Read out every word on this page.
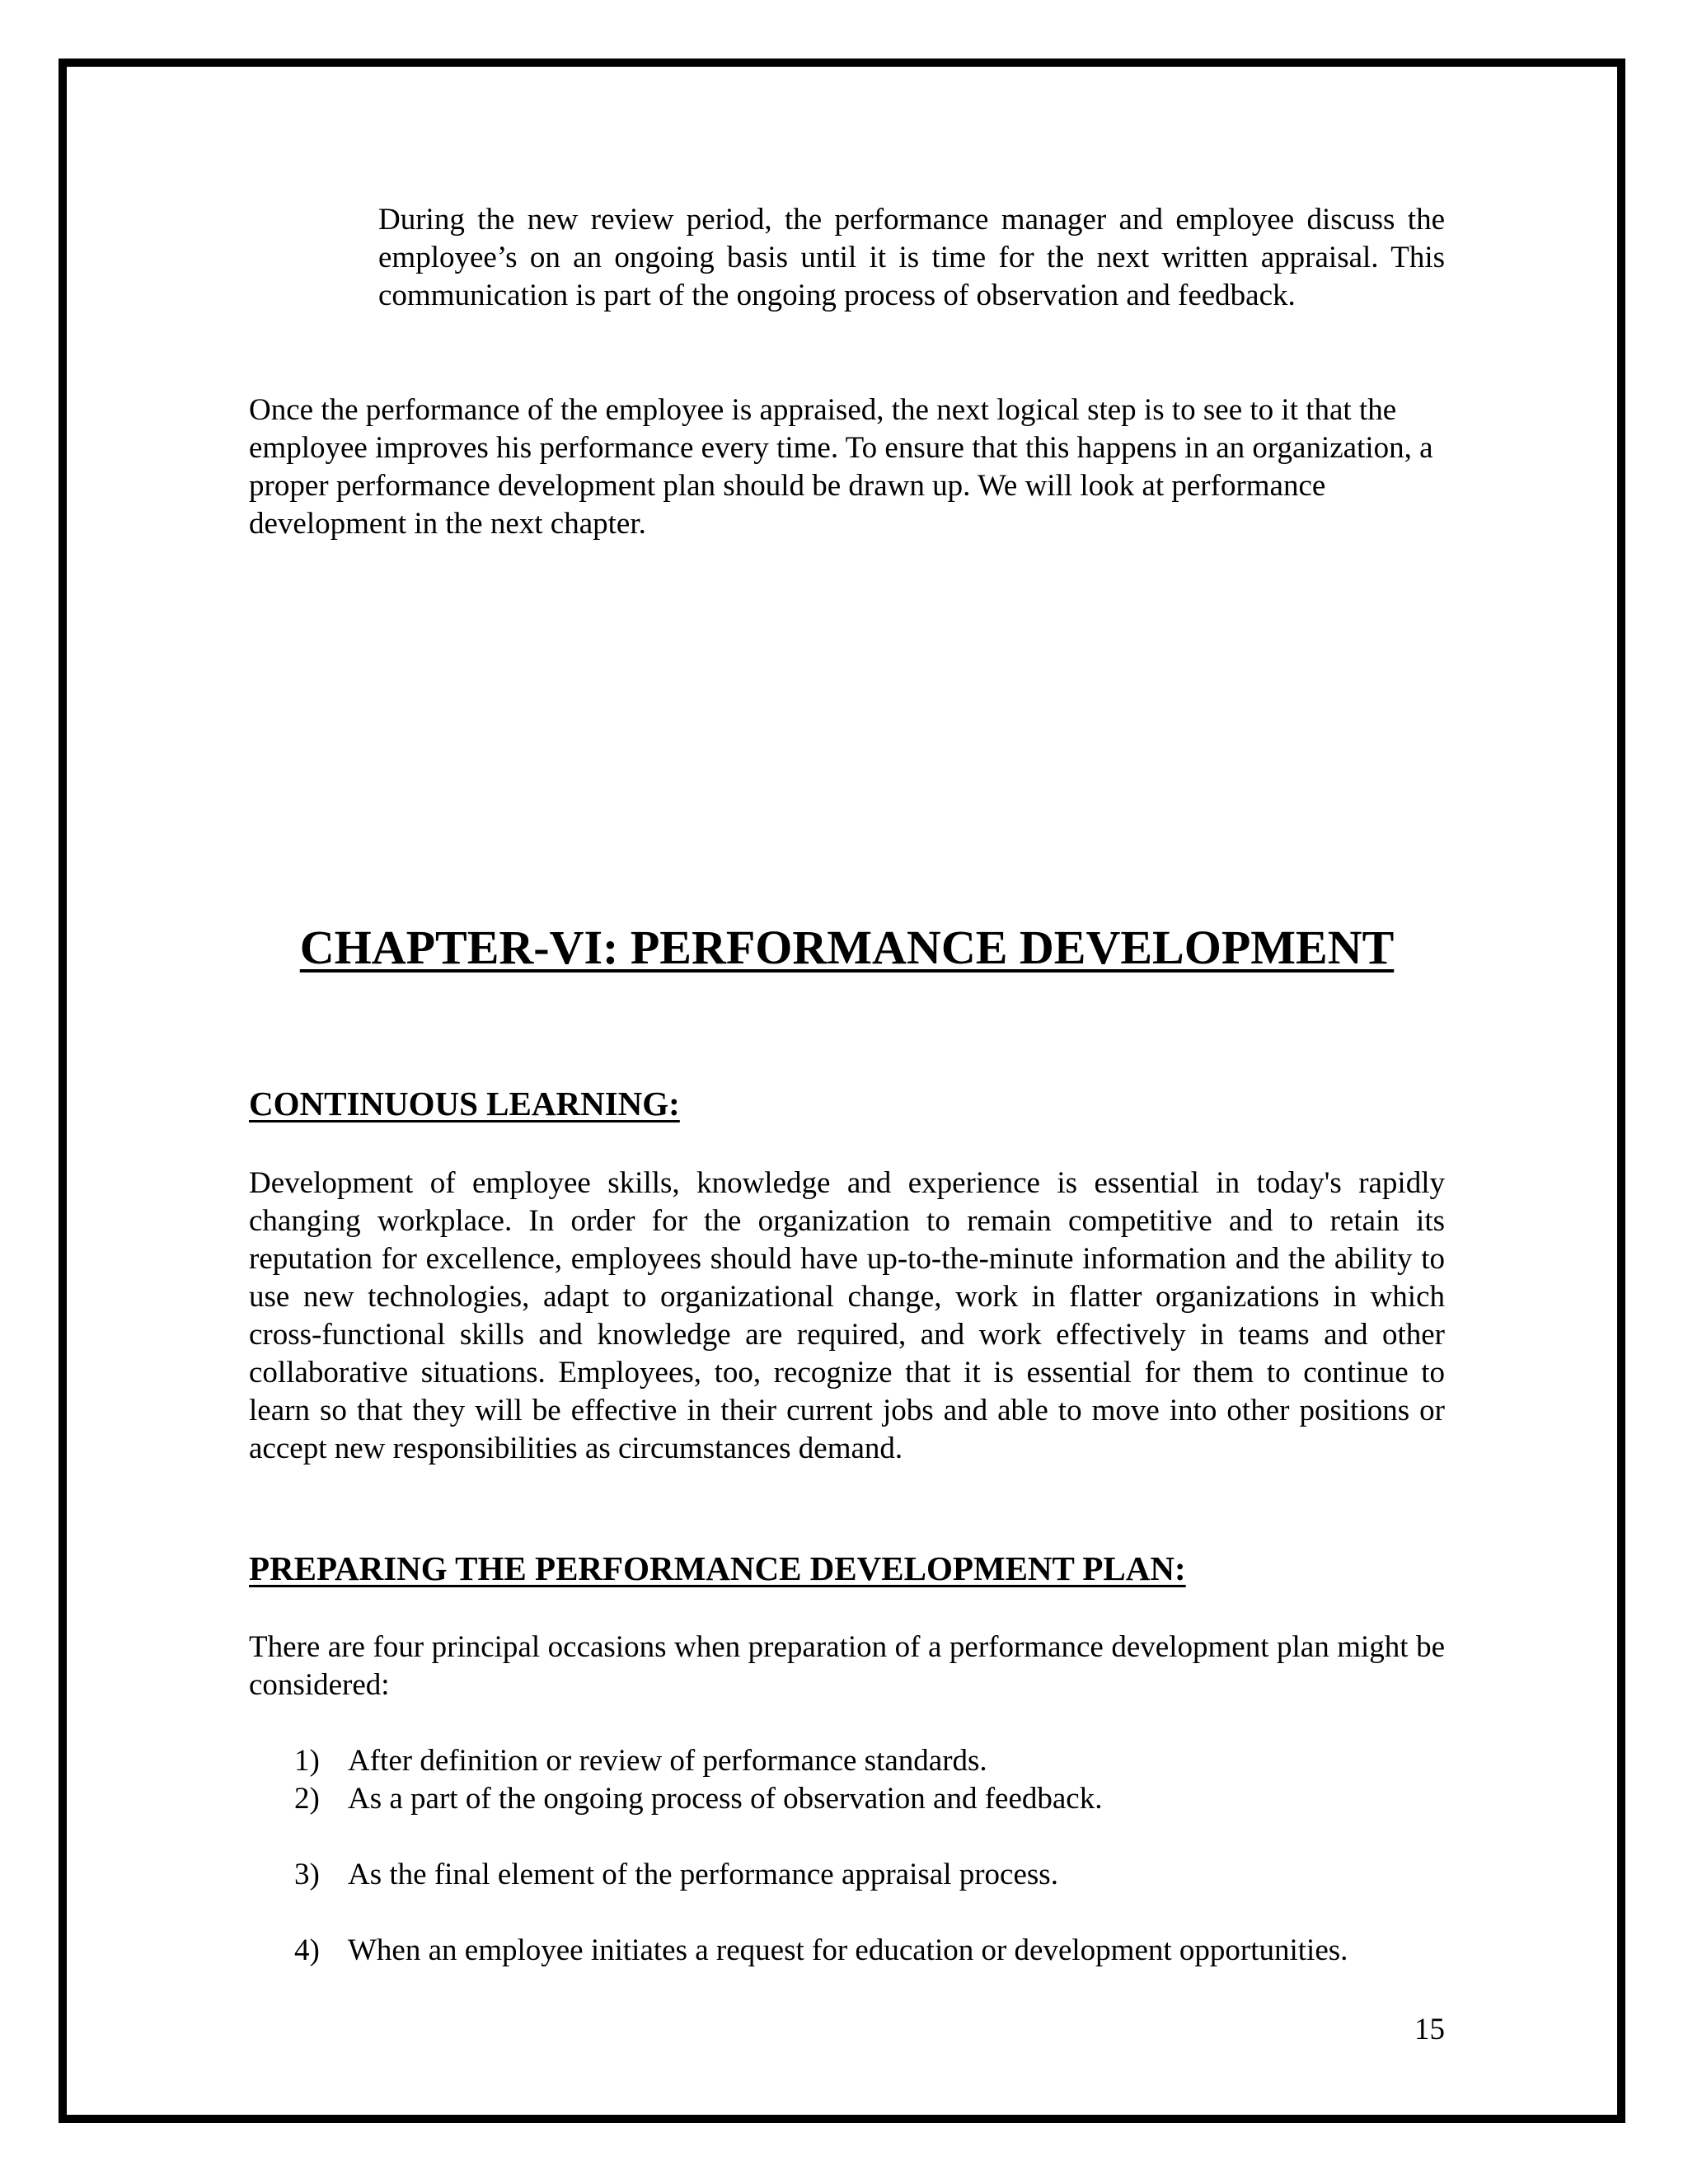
During the new review period, the performance manager and employee discuss the employee’s on an ongoing basis until it is time for the next written appraisal. This communication is part of the ongoing process of observation and feedback.

Once the performance of the employee is appraised, the next logical step is to see to it that the employee improves his performance every time. To ensure that this happens in an organization, a proper performance development plan should be drawn up. We will look at performance development in the next chapter.

CHAPTER-VI: PERFORMANCE DEVELOPMENT
CONTINUOUS LEARNING:

Development of employee skills, knowledge and experience is essential in today's rapidly changing workplace. In order for the organization to remain competitive and to retain its reputation for excellence, employees should have up-to-the-minute information and the ability to use new technologies, adapt to organizational change, work in flatter organizations in which cross-functional skills and knowledge are required, and work effectively in teams and other collaborative situations. Employees, too, recognize that it is essential for them to continue to learn so that they will be effective in their current jobs and able to move into other positions or accept new responsibilities as circumstances demand.

PREPARING THE PERFORMANCE DEVELOPMENT PLAN:

There are four principal occasions when preparation of a performance development plan might be considered:

1) After definition or review of performance standards.
2) As a part of the ongoing process of observation and feedback.
3) As the final element of the performance appraisal process.
4) When an employee initiates a request for education or development opportunities.

15
